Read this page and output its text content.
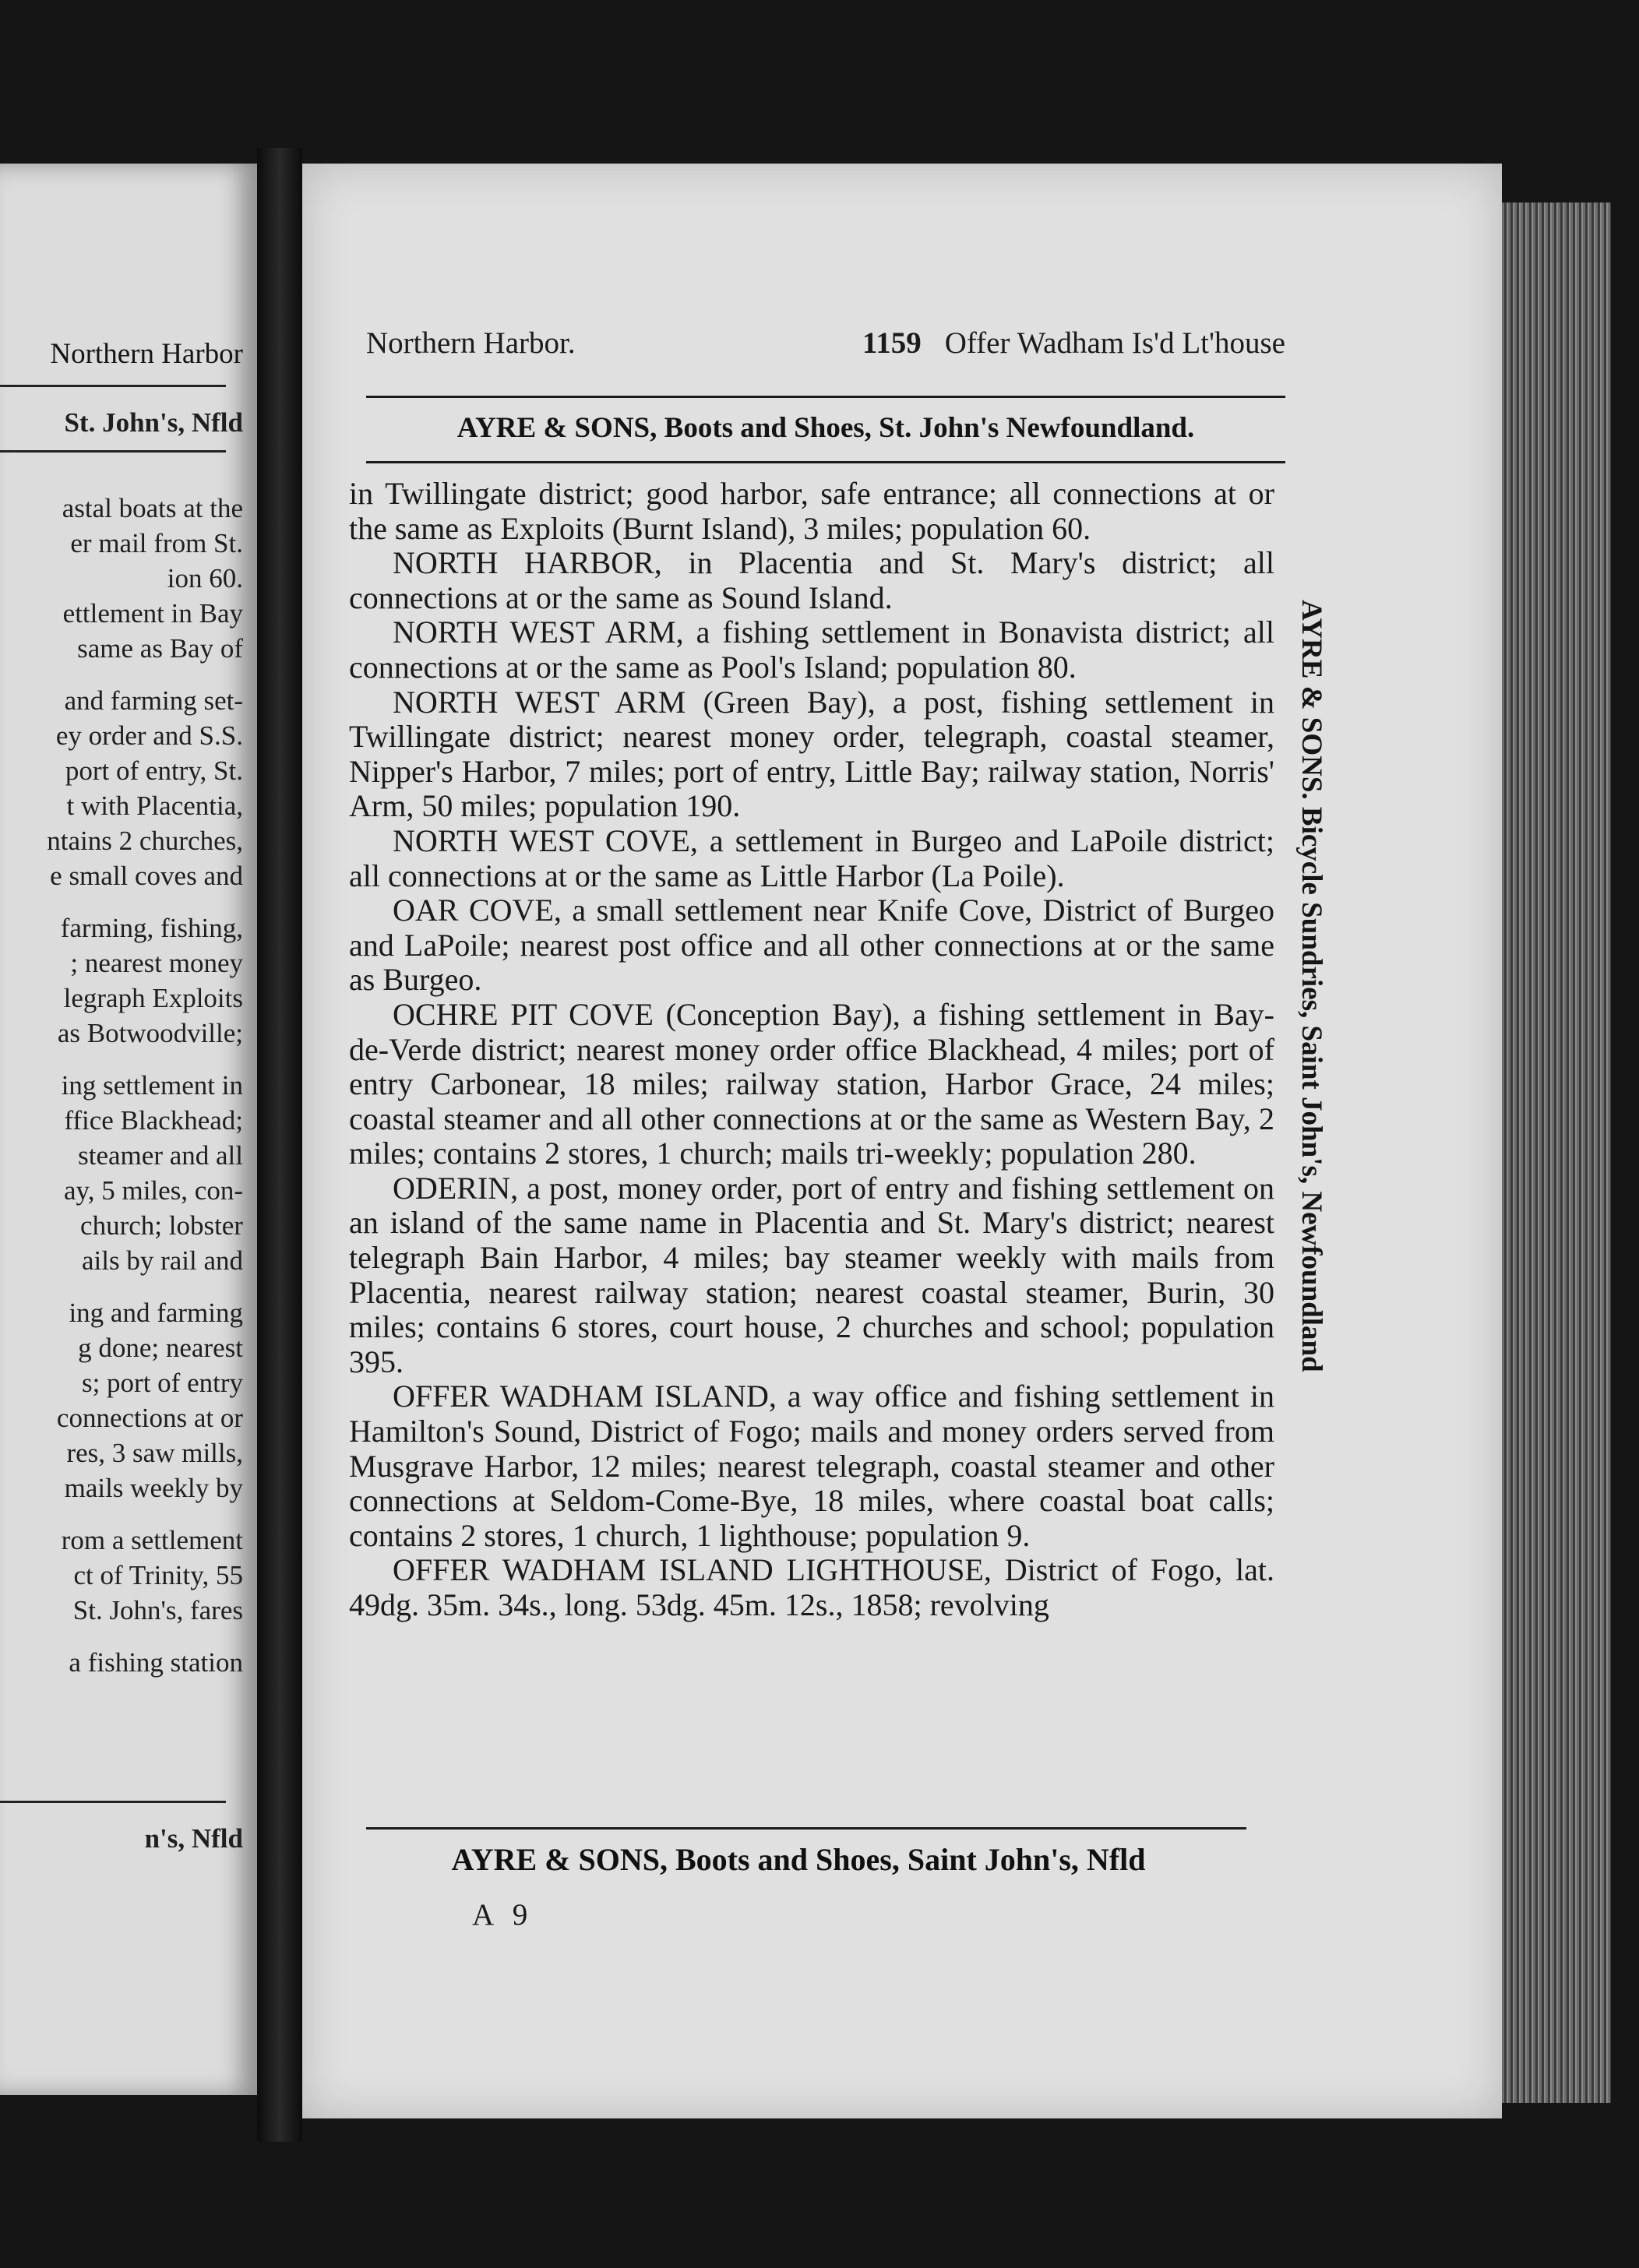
Northern Harbor
St. John's, Nfld
astal boats at the
er mail from St.
ion 60.
ettlement in Bay
same as Bay of
and farming set-
ey order and S.S.
port of entry, St.
t with Placentia,
ntains 2 churches,
e small coves and
farming, fishing,
; nearest money
legraph Exploits
as Botwoodville;
ing settlement in
ffice Blackhead;
steamer and all
ay, 5 miles, con-
church; lobster
ails by rail and
ing and farming
g done; nearest
s; port of entry
connections at or
res, 3 saw mills,
mails weekly by
rom a settlement
ct of Trinity, 55
St. John's, fares
a fishing station
n's, Nfld
Northern Harbor.	1159 Offer Wadham Is'd Lt'house
AYRE & SONS, Boots and Shoes, St. John's Newfoundland.

in Twillingate district; good harbor, safe entrance; all connections at or the same as Exploits (Burnt Island), 3 miles; population 60.

NORTH HARBOR, in Placentia and St. Mary's district; all connections at or the same as Sound Island.

NORTH WEST ARM, a fishing settlement in Bonavista district; all connections at or the same as Pool's Island; population 80.

NORTH WEST ARM (Green Bay), a post, fishing settlement in Twillingate district; nearest money order, telegraph, coastal steamer, Nipper's Harbor, 7 miles; port of entry, Little Bay; railway station, Norris' Arm, 50 miles; population 190.

NORTH WEST COVE, a settlement in Burgeo and LaPoile district; all connections at or the same as Little Harbor (La Poile).

OAR COVE, a small settlement near Knife Cove, District of Burgeo and LaPoile; nearest post office and all other connections at or the same as Burgeo.

OCHRE PIT COVE (Conception Bay), a fishing settlement in Bay-de-Verde district; nearest money order office Blackhead, 4 miles; port of entry Carbonear, 18 miles; railway station, Harbor Grace, 24 miles; coastal steamer and all other connections at or the same as Western Bay, 2 miles; contains 2 stores, 1 church; mails tri-weekly; population 280.

ODERIN, a post, money order, port of entry and fishing settlement on an island of the same name in Placentia and St. Mary's district; nearest telegraph Bain Harbor, 4 miles; bay steamer weekly with mails from Placentia, nearest railway station; nearest coastal steamer, Burin, 30 miles; contains 6 stores, court house, 2 churches and school; population 395.

OFFER WADHAM ISLAND, a way office and fishing settlement in Hamilton's Sound, District of Fogo; mails and money orders served from Musgrave Harbor, 12 miles; nearest telegraph, coastal steamer and other connections at Seldom-Come-Bye, 18 miles, where coastal boat calls; contains 2 stores, 1 church, 1 lighthouse; population 9.

OFFER WADHAM ISLAND LIGHTHOUSE, District of Fogo, lat. 49dg. 35m. 34s., long. 53dg. 45m. 12s., 1858; revolving

AYRE & SONS. Bicycle Sundries, Saint John's, Newfoundland
AYRE & SONS, Boots and Shoes, Saint John's, Nfld
A 9
